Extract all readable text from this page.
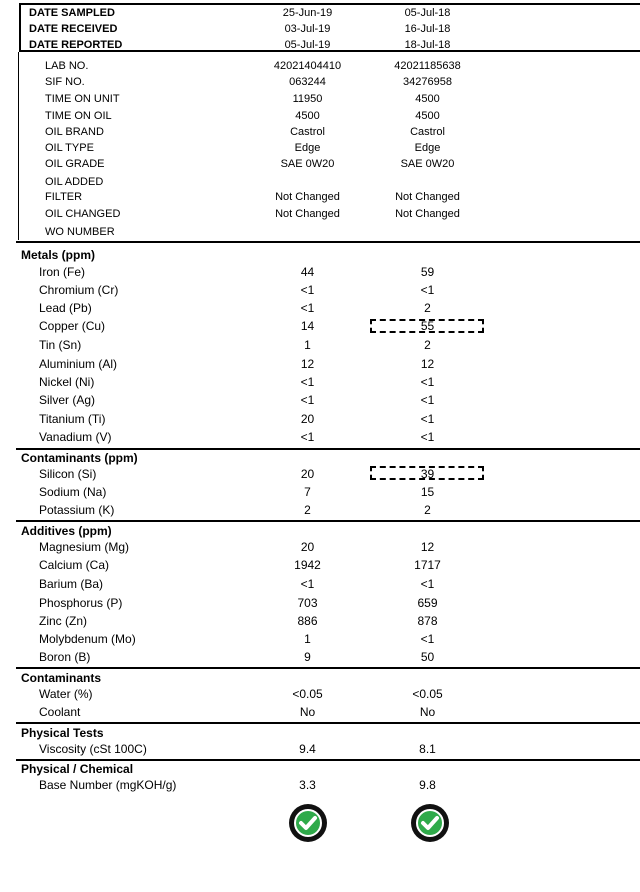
DATE SAMPLED	25-Jun-19	05-Jul-18
DATE RECEIVED	03-Jul-19	16-Jul-18
DATE REPORTED	05-Jul-19	18-Jul-18
LAB NO.	42021404410	42021185638
SIF NO.	063244	34276958
TIME ON UNIT	11950	4500
TIME ON OIL	4500	4500
OIL BRAND	Castrol	Castrol
OIL TYPE	Edge	Edge
OIL GRADE	SAE 0W20	SAE 0W20
OIL ADDED
FILTER	Not Changed	Not Changed
OIL CHANGED	Not Changed	Not Changed
WO NUMBER
Metals (ppm)
Iron (Fe)	44	59
Chromium (Cr)	<1	<1
Lead (Pb)	<1	2
Copper (Cu)	14	55
Tin (Sn)	1	2
Aluminium (Al)	12	12
Nickel (Ni)	<1	<1
Silver (Ag)	<1	<1
Titanium (Ti)	20	<1
Vanadium (V)	<1	<1
Contaminants (ppm)
Silicon (Si)	20	39
Sodium (Na)	7	15
Potassium (K)	2	2
Additives (ppm)
Magnesium (Mg)	20	12
Calcium (Ca)	1942	1717
Barium (Ba)	<1	<1
Phosphorus (P)	703	659
Zinc (Zn)	886	878
Molybdenum (Mo)	1	<1
Boron (B)	9	50
Contaminants
Water (%)	<0.05	<0.05
Coolant	No	No
Physical Tests
Viscosity (cSt 100C)	9.4	8.1
Physical / Chemical
Base Number (mgKOH/g)	3.3	9.8
